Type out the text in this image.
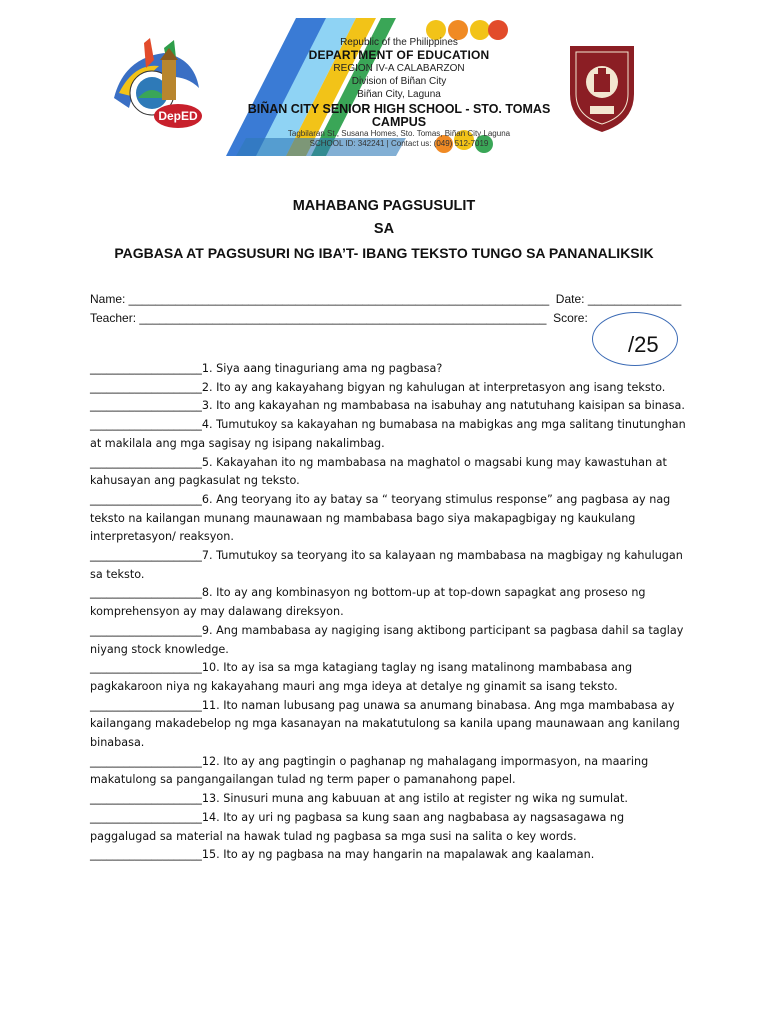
DepED
Republic of the Philippines
DEPARTMENT OF EDUCATION
REGION IV-A CALABARZON
Division of Biñan City
Biñan City, Laguna
BIÑAN CITY SENIOR HIGH SCHOOL - STO. TOMAS CAMPUS
Tagbilaran St., Susana Homes, Sto. Tomas, Biñan City Laguna
SCHOOL ID: 342241 | Contact us: (049) 512-7019
MAHABANG PAGSUSULIT
SA
PAGBASA AT PAGSUSURI NG IBA’T- IBANG TEKSTO TUNGO SA PANANALIKSIK
Name: _______________________________________________________________  Date: ______________
Teacher: _____________________________________________________________  Score:
/25

____________________1. Siya aang tinaguriang ama ng pagbasa?

____________________2. Ito ay ang kakayahang bigyan ng kahulugan at interpretasyon ang isang teksto.

____________________3. Ito ang kakayahan ng mambabasa na isabuhay ang natutuhang kaisipan sa binasa.

____________________4. Tumutukoy sa kakayahan ng bumabasa na mabigkas ang mga salitang tinutunghan at makilala ang mga sagisay ng isipang nakalimbag.

____________________5. Kakayahan ito ng mambabasa na maghatol o magsabi kung may kawastuhan at kahusayan ang pagkasulat ng teksto.

____________________6. Ang teoryang ito ay batay sa “ teoryang stimulus response” ang pagbasa ay nag teksto na kailangan munang maunawaan ng mambabasa bago siya makapagbigay ng kaukulang interpretasyon/ reaksyon.

____________________7. Tumutukoy sa teoryang ito sa kalayaan ng mambabasa na magbigay ng kahulugan sa teksto.

____________________8. Ito ay ang kombinasyon ng bottom-up at top-down sapagkat ang proseso ng komprehensyon ay may dalawang direksyon.

____________________9. Ang mambabasa ay nagiging isang aktibong participant sa pagbasa dahil sa taglay niyang stock knowledge.

____________________10. Ito ay isa sa mga katagiang taglay ng isang matalinong mambabasa ang pagkakaroon niya ng kakayahang mauri ang mga ideya at detalye ng ginamit sa isang teksto.

____________________11. Ito naman lubusang pag unawa sa anumang binabasa. Ang mga mambabasa ay kailangang makadebelop ng mga kasanayan na makatutulong sa kanila upang maunawaan ang kanilang binabasa.

____________________12. Ito ay ang pagtingin o paghanap ng mahalagang impormasyon, na maaring makatulong sa pangangailangan tulad ng term paper o pamanahong papel.

____________________13. Sinusuri muna ang kabuuan at ang istilo at register ng wika ng sumulat.

____________________14. Ito ay uri ng pagbasa sa kung saan ang nagbabasa ay nagsasagawa ng paggalugad sa material na hawak tulad ng pagbasa sa mga susi na salita o key words.

____________________15. Ito ay ng pagbasa na may hangarin na mapalawak ang kaalaman.
